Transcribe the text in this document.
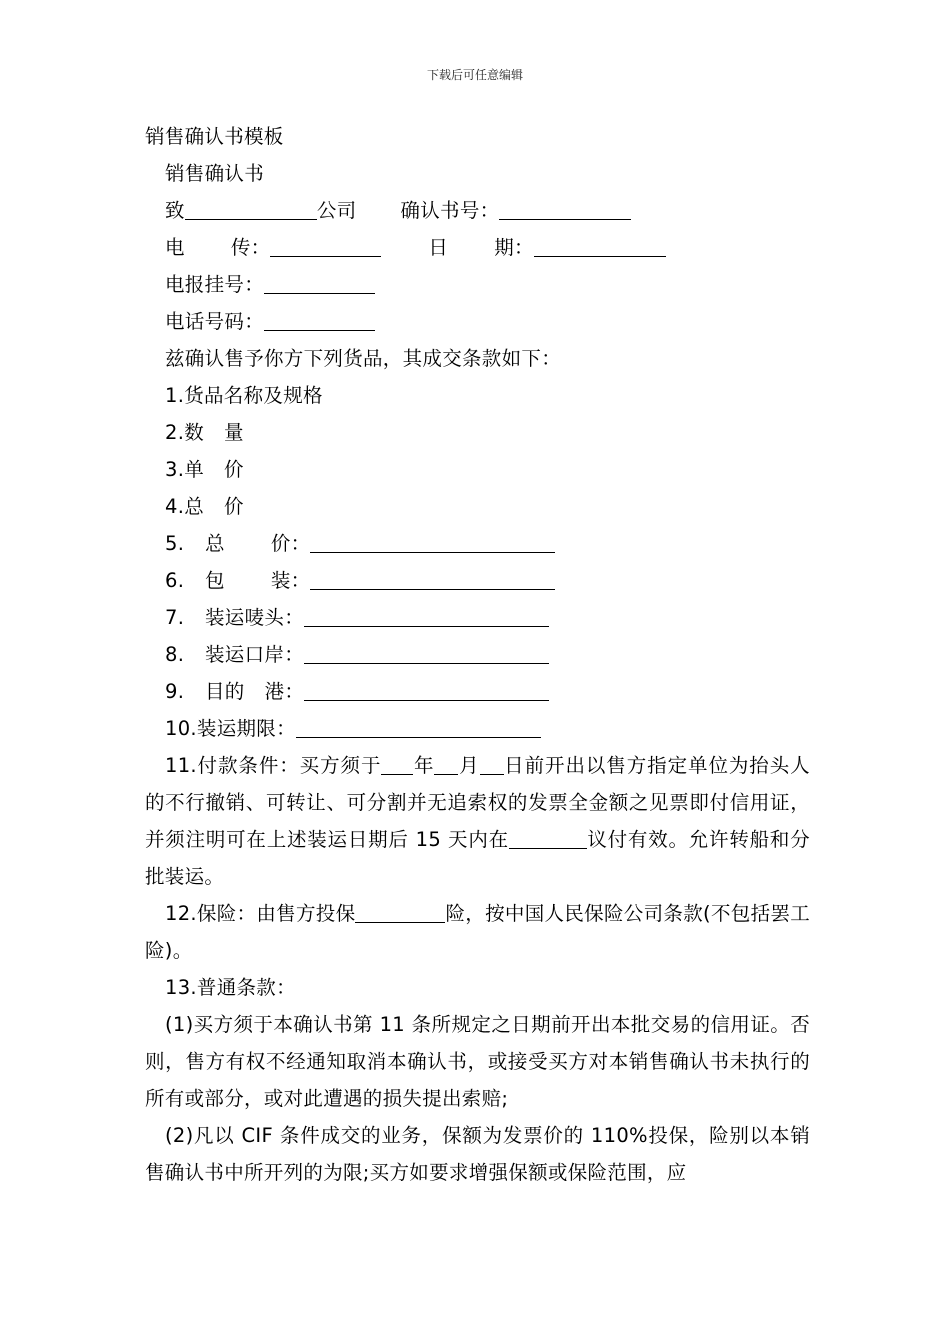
下载后可任意编辑
销售确认书模板
销售确认书
致	公司 确认书号：
电 传：	日 期：
电报挂号：
电话号码：
兹确认售予你方下列货品，其成交条款如下：
1.货品名称及规格
2.数 量
3.单 价
4.总 价
5. 总 价：
6. 包 装：
7. 装运唛头：
8. 装运口岸：
9. 目的 港：
10.装运期限：
11.付款条件：买方须于 年 月 日前开出以售方指定单位为抬头人的不行撤销、可转让、可分割并无追索权的发票全金额之见票即付信用证，并须注明可在上述装运日期后 15 天内在	议付有效。允许转船和分批装运。
12.保险：由售方投保	险，按中国人民保险公司条款(不包括罢工险)。
13.普通条款：
(1)买方须于本确认书第 11 条所规定之日期前开出本批交易的信用证。否则，售方有权不经通知取消本确认书，或接受买方对本销售确认书未执行的所有或部分，或对此遭遇的损失提出索赔;
(2)凡以 CIF 条件成交的业务，保额为发票价的 110%投保，险别以本销售确认书中所开列的为限;买方如要求增强保额或保险范围，应
